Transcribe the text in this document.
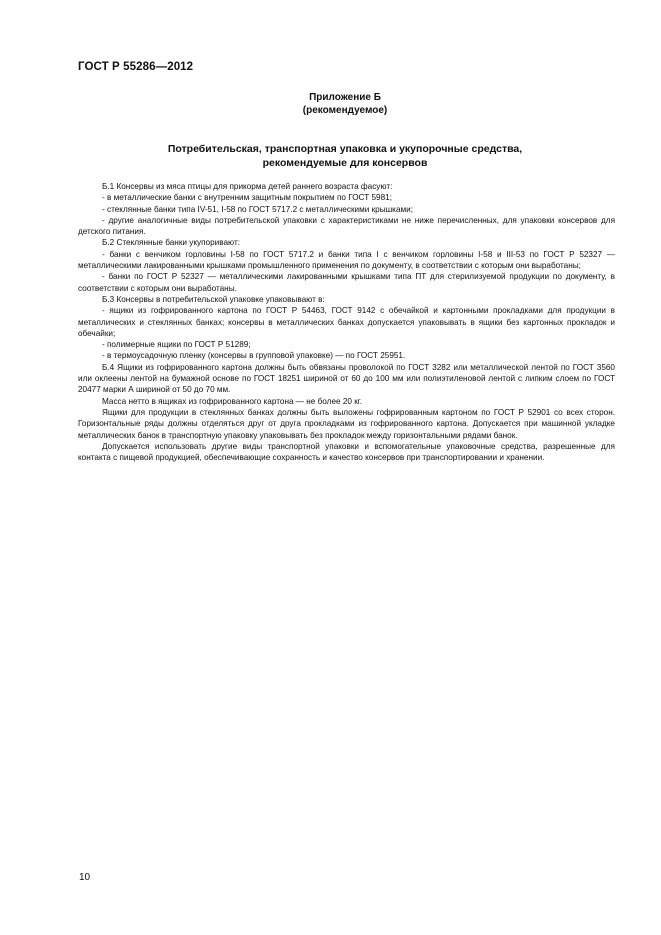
ГОСТ Р 55286—2012
Приложение Б
(рекомендуемое)
Потребительская, транспортная упаковка и укупорочные средства,
рекомендуемые для консервов

Б.1 Консервы из мяса птицы для прикорма детей раннего возраста фасуют:

- в металлические банки с внутренним защитным покрытием по ГОСТ 5981;

- стеклянные банки типа IV-51, I-58 по ГОСТ 5717.2 с металлическими крышками;

- другие аналогичные виды потребительской упаковки с характеристиками не ниже перечисленных, для упаковки консервов для детского питания.

Б.2 Стеклянные банки укупоривают:

- банки с венчиком горловины I-58 по ГОСТ 5717.2 и банки типа I с венчиком горловины I-58 и III-53 по ГОСТ Р 52327 — металлическими лакированными крышками промышленного применения по документу, в соответствии с которым они выработаны;

- банки по ГОСТ Р 52327 — металлическими лакированными крышками типа ПТ для стерилизуемой продукции по документу, в соответствии с которым они выработаны.

Б.3 Консервы в потребительской упаковке упаковывают в:

- ящики из гофрированного картона по ГОСТ Р 54463, ГОСТ 9142 с обечайкой и картонными прокладками для продукции в металлических и стеклянных банках; консервы в металлических банках допускается упаковывать в ящики без картонных прокладок и обечайки;

- полимерные ящики по ГОСТ Р 51289;

- в термоусадочную пленку (консервы в групповой упаковке) — по ГОСТ 25951.

Б.4 Ящики из гофрированного картона должны быть обвязаны проволокой по ГОСТ 3282 или металлической лентой по ГОСТ 3560 или оклеены лентой на бумажной основе по ГОСТ 18251 шириной от 60 до 100 мм или полиэтиленовой лентой с липким слоем по ГОСТ 20477 марки А шириной от 50 до 70 мм.

Масса нетто в ящиках из гофрированного картона — не более 20 кг.

Ящики для продукции в стеклянных банках должны быть выложены гофрированным картоном по ГОСТ Р 52901 со всех сторон. Горизонтальные ряды должны отделяться друг от друга прокладками из гофрированного картона. Допускается при машинной укладке металлических банок в транспортную упаковку упаковывать без прокладок между горизонтальными рядами банок.

Допускается использовать другие виды транспортной упаковки и вспомогательные упаковочные средства, разрешенные для контакта с пищевой продукцией, обеспечивающие сохранность и качество консервов при транспортировании и хранении.

10
